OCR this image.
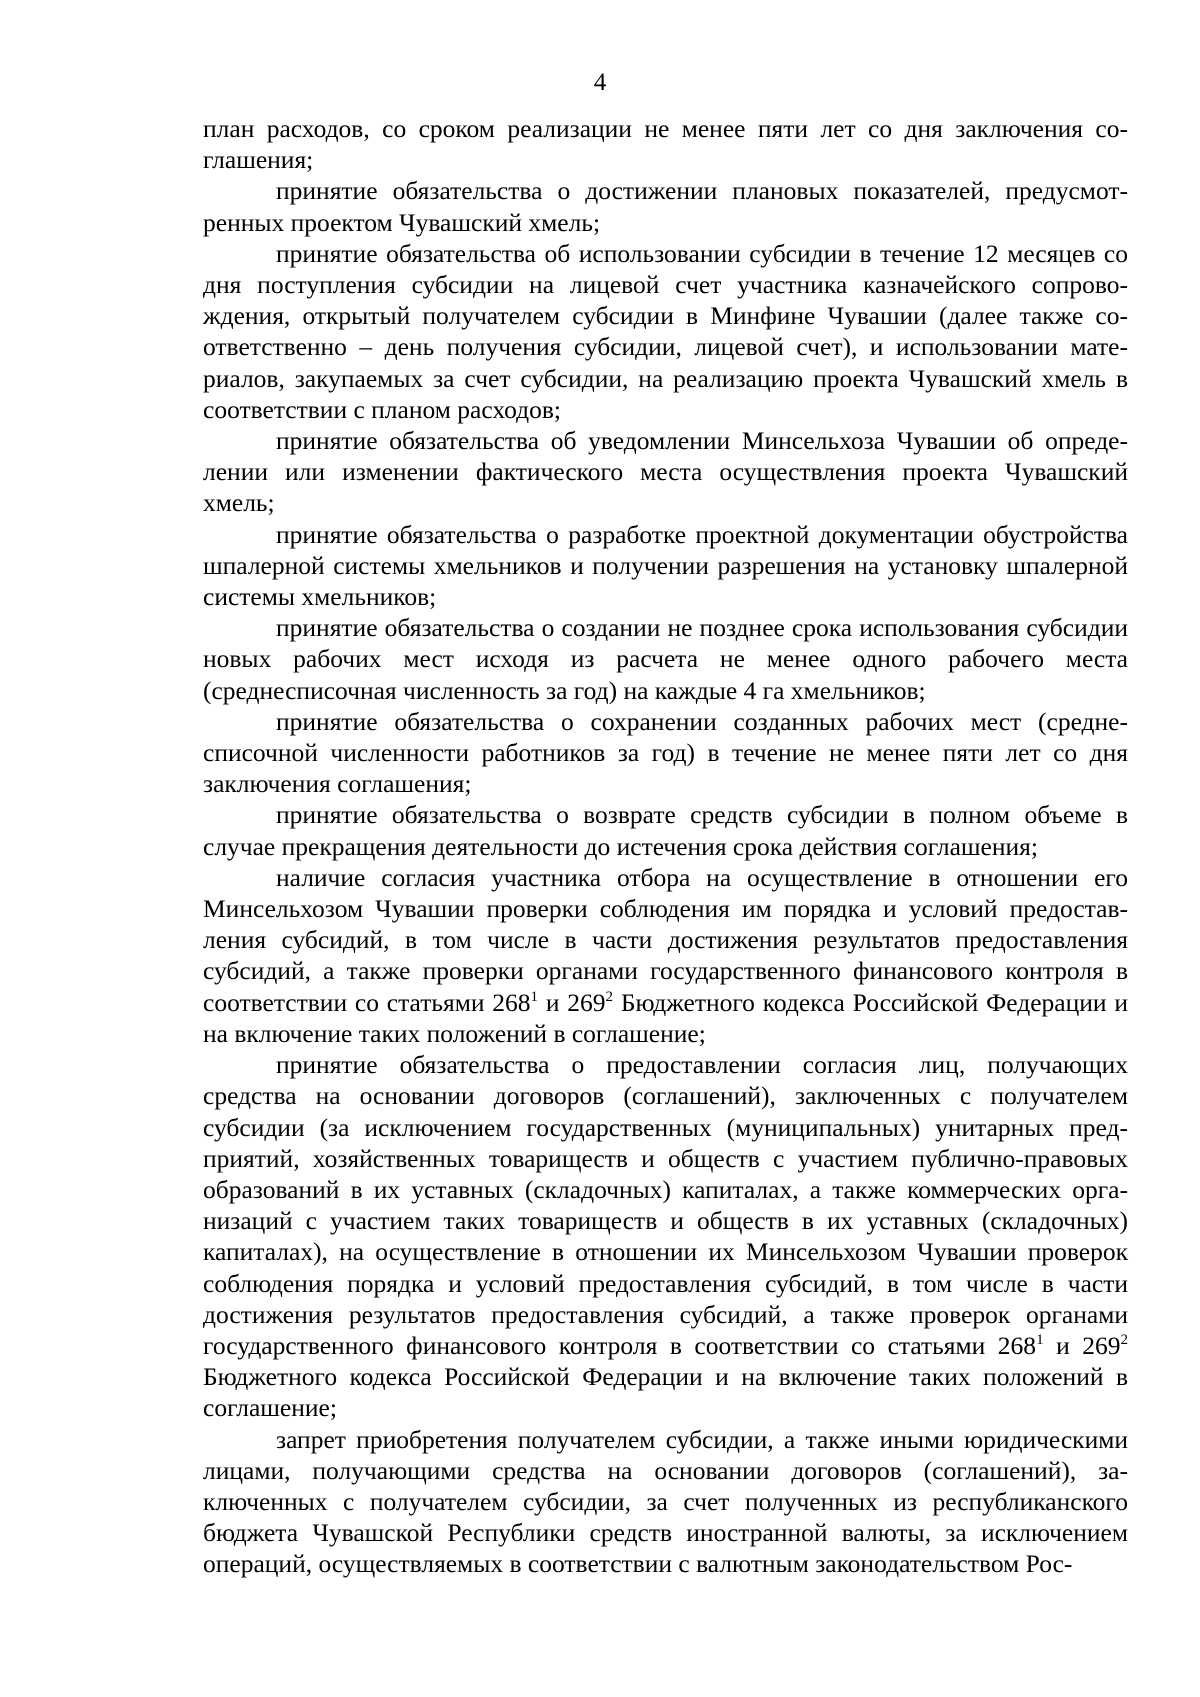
4

план расходов, со сроком реализации не менее пяти лет со дня заключения соглашения;

принятие обязательства о достижении плановых показателей, предусмотренных проектом Чувашский хмель;

принятие обязательства об использовании субсидии в течение 12 месяцев со дня поступления субсидии на лицевой счет участника казначейского сопровождения, открытый получателем субсидии в Минфине Чувашии (далее также соответственно – день получения субсидии, лицевой счет), и использовании материалов, закупаемых за счет субсидии, на реализацию проекта Чувашский хмель в соответствии с планом расходов;

принятие обязательства об уведомлении Минсельхоза Чувашии об определении или изменении фактического места осуществления проекта Чувашский хмель;

принятие обязательства о разработке проектной документации обустройства шпалерной системы хмельников и получении разрешения на установку шпалерной системы хмельников;

принятие обязательства о создании не позднее срока использования субсидии новых рабочих мест исходя из расчета не менее одного рабочего места (среднесписочная численность за год) на каждые 4 га хмельников;

принятие обязательства о сохранении созданных рабочих мест (среднесписочной численности работников за год) в течение не менее пяти лет со дня заключения соглашения;

принятие обязательства о возврате средств субсидии в полном объеме в случае прекращения деятельности до истечения срока действия соглашения;

наличие согласия участника отбора на осуществление в отношении его Минсельхозом Чувашии проверки соблюдения им порядка и условий предоставления субсидий, в том числе в части достижения результатов предоставления субсидий, а также проверки органами государственного финансового контроля в соответствии со статьями $268^1$ и $269^2$ Бюджетного кодекса Российской Федерации и на включение таких положений в соглашение;

принятие обязательства о предоставлении согласия лиц, получающих средства на основании договоров (соглашений), заключенных с получателем субсидии (за исключением государственных (муниципальных) унитарных предприятий, хозяйственных товариществ и обществ с участием публично-правовых образований в их уставных (складочных) капиталах, а также коммерческих организаций с участием таких товариществ и обществ в их уставных (складочных) капиталах), на осуществление в отношении их Минсельхозом Чувашии проверок соблюдения порядка и условий предоставления субсидий, в том числе в части достижения результатов предоставления субсидий, а также проверок органами государственного финансового контроля в соответствии со статьями $268^1$ и $269^2$ Бюджетного кодекса Российской Федерации и на включение таких положений в соглашение;

запрет приобретения получателем субсидии, а также иными юридическими лицами, получающими средства на основании договоров (соглашений), заключенных с получателем субсидии, за счет полученных из республиканского бюджета Чувашской Республики средств иностранной валюты, за исключением операций, осуществляемых в соответствии с валютным законодательством Рос-
